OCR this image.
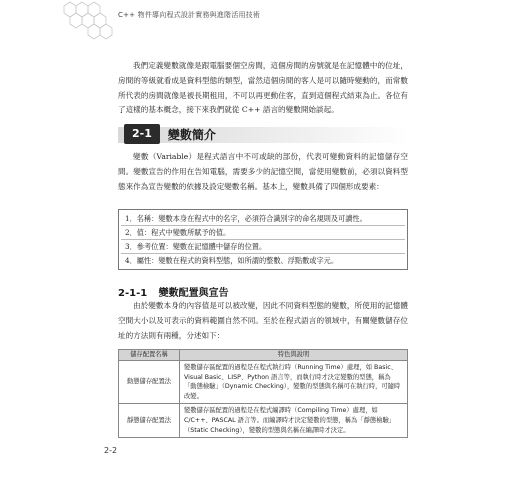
C++ 物件導向程式設計實務與進階活用技術

我們定義變數就像是跟電腦要個空房間，這個房間的房號就是在記憶體中的位址，房間的等級就看成是資料型態的類型，當然這個房間的客人是可以隨時變動的，而常數所代表的房間就像是被長期租用，不可以再更動住客，直到這個程式結束為止。各位有了這樣的基本概念，接下來我們就從 C++ 語言的變數開始談起。

2-1	變數簡介

變數（Variable）是程式語言中不可或缺的部份，代表可變動資料的記憶儲存空間。變數宣告的作用在告知電腦，需要多少的記憶空間，當使用變數前，必須以資料型態來作為宣告變數的依據及設定變數名稱。基本上，變數具備了四個形成要素：

1．名稱：變數本身在程式中的名字，必須符合識別字的命名規則及可讀性。
2．值：程式中變數所賦予的值。
3．參考位置：變數在記憶體中儲存的位置。
4．屬性：變數在程式的資料型態，如所謂的整數、浮點數或字元。
2-1-1 變數配置與宣告

由於變數本身的內容值是可以被改變，因此不同資料型態的變數，所使用的記憶體空間大小以及可表示的資料範圍自然不同。至於在程式語言的領域中，有關變數儲存位址的方法則有兩種，分述如下：

儲存配置名稱	特色與說明
動態儲存配置法	變數儲存區配置的過程是在程式執行時（Running Time）處理，如 Basic、Visual Basic、LISP、Python 語言等，而執行時才決定變數的型態，稱為「動態檢驗」（Dynamic Checking），變數的型態與名稱可在執行時，可隨時改變。
靜態儲存配置法	變數儲存區配置的過程是在程式編譯時（Compiling Time）處理，如 C/C++、PASCAL 語言等。而編譯時才決定變數的型態，稱為「靜態檢驗」（Static Checking），變數的型態與名稱在編譯時才決定。
2-2
